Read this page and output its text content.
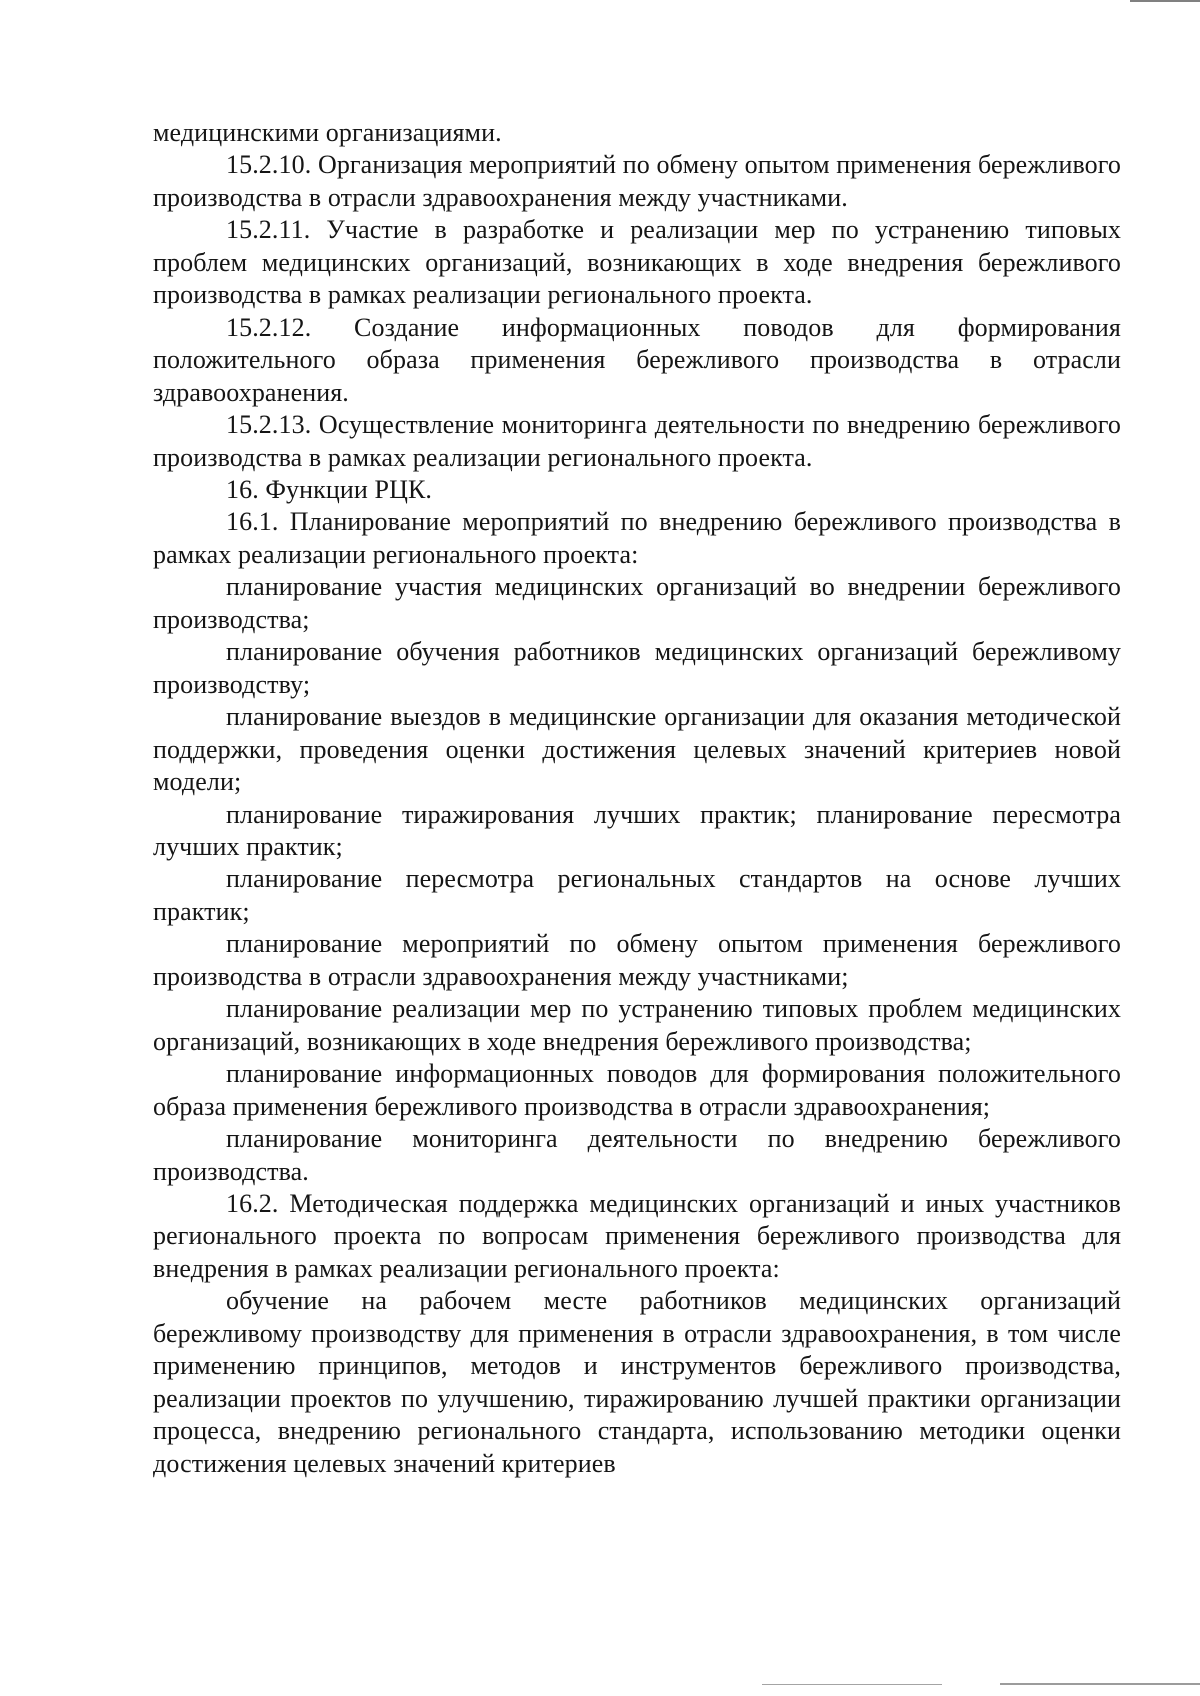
медицинскими организациями.

15.2.10. Организация мероприятий по обмену опытом применения бережливого производства в отрасли здравоохранения между участниками.

15.2.11. Участие в разработке и реализации мер по устранению типовых проблем медицинских организаций, возникающих в ходе внедрения бережливого производства в рамках реализации регионального проекта.

15.2.12. Создание информационных поводов для формирования положительного образа применения бережливого производства в отрасли здравоохранения.

15.2.13. Осуществление мониторинга деятельности по внедрению бережливого производства в рамках реализации регионального проекта.

16. Функции РЦК.

16.1. Планирование мероприятий по внедрению бережливого производства в рамках реализации регионального проекта:

планирование участия медицинских организаций во внедрении бережливого производства;

планирование обучения работников медицинских организаций бережливому производству;

планирование выездов в медицинские организации для оказания методической поддержки, проведения оценки достижения целевых значений критериев новой модели;

планирование тиражирования лучших практик; планирование пересмотра лучших практик;

планирование пересмотра региональных стандартов на основе лучших практик;

планирование мероприятий по обмену опытом применения бережливого производства в отрасли здравоохранения между участниками;

планирование реализации мер по устранению типовых проблем медицинских организаций, возникающих в ходе внедрения бережливого производства;

планирование информационных поводов для формирования положительного образа применения бережливого производства в отрасли здравоохранения;

планирование мониторинга деятельности по внедрению бережливого производства.

16.2. Методическая поддержка медицинских организаций и иных участников регионального проекта по вопросам применения бережливого производства для внедрения в рамках реализации регионального проекта:

обучение на рабочем месте работников медицинских организаций бережливому производству для применения в отрасли здравоохранения, в том числе применению принципов, методов и инструментов бережливого производства, реализации проектов по улучшению, тиражированию лучшей практики организации процесса, внедрению регионального стандарта, использованию методики оценки достижения целевых значений критериев
